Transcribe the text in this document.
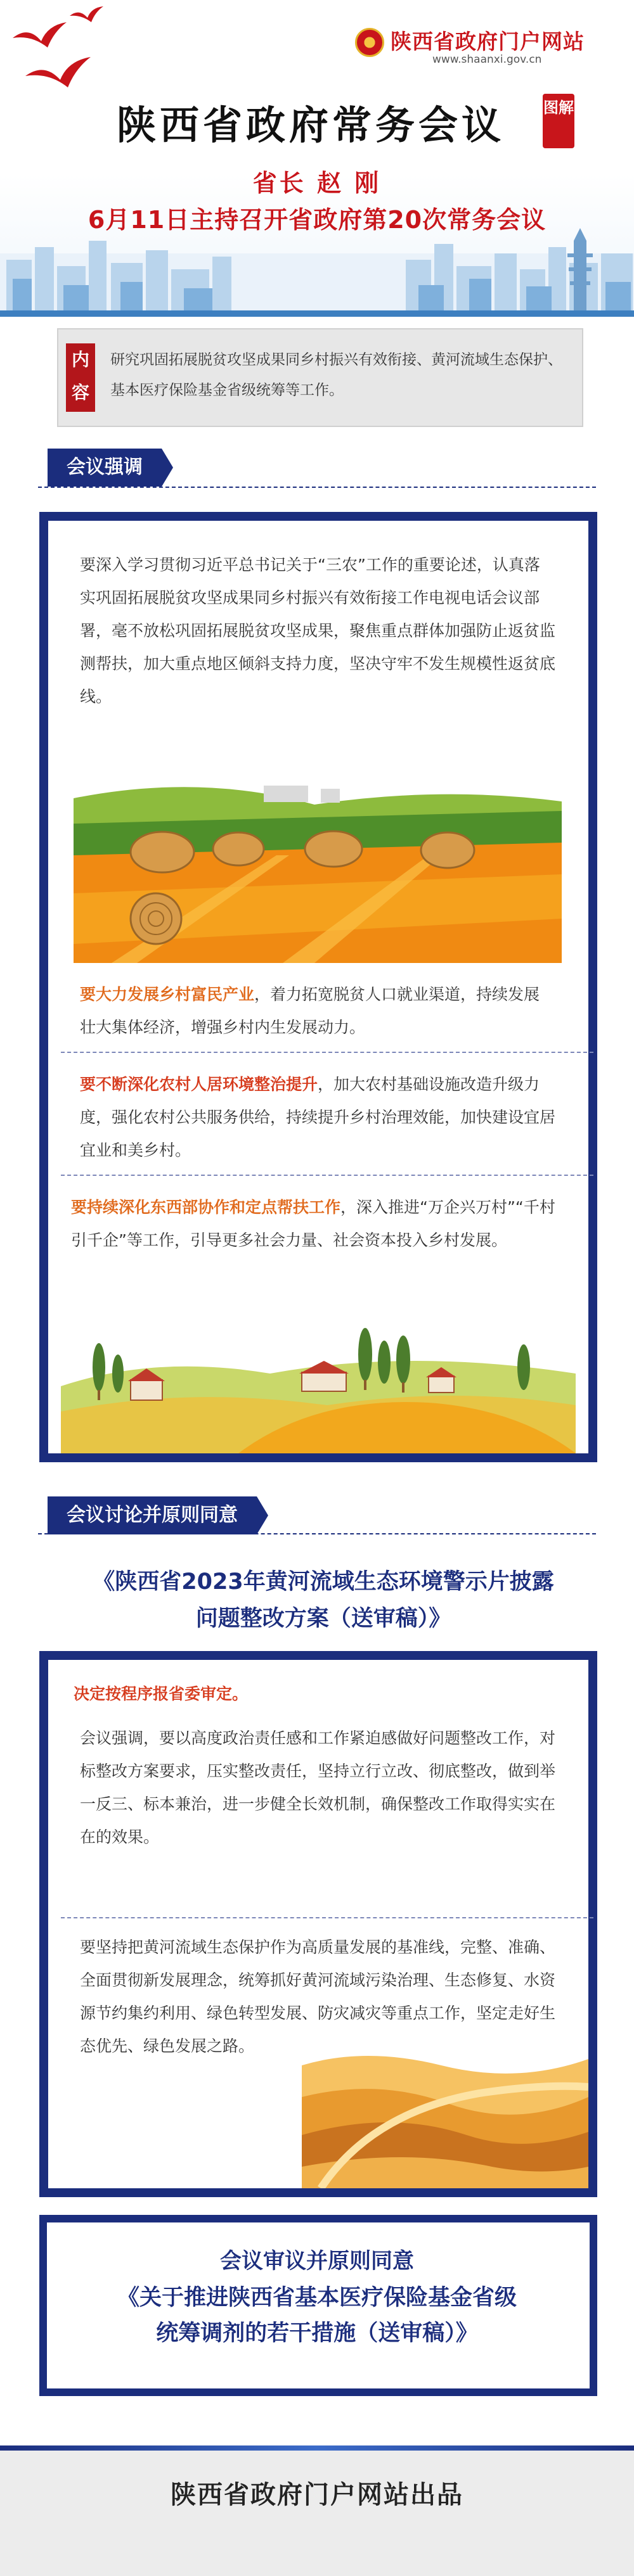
陕西省政府门户网站
www.shaanxi.gov.cn
陕西省政府常务会议	图解
省长 赵 刚
6月11日主持召开省政府第20次常务会议
内容
研究巩固拓展脱贫攻坚成果同乡村振兴有效衔接、黄河流域生态保护、基本医疗保险基金省级统筹等工作。
会议强调
要深入学习贯彻习近平总书记关于“三农”工作的重要论述，认真落实巩固拓展脱贫攻坚成果同乡村振兴有效衔接工作电视电话会议部署，毫不放松巩固拓展脱贫攻坚成果，聚焦重点群体加强防止返贫监测帮扶，加大重点地区倾斜支持力度，坚决守牢不发生规模性返贫底线。
要大力发展乡村富民产业，着力拓宽脱贫人口就业渠道，持续发展壮大集体经济，增强乡村内生发展动力。
要不断深化农村人居环境整治提升，加大农村基础设施改造升级力度，强化农村公共服务供给，持续提升乡村治理效能，加快建设宜居宜业和美乡村。
要持续深化东西部协作和定点帮扶工作，深入推进“万企兴万村”“千村引千企”等工作，引导更多社会力量、社会资本投入乡村发展。
会议讨论并原则同意
《陕西省2023年黄河流域生态环境警示片披露
问题整改方案（送审稿）》
决定按程序报省委审定。
会议强调，要以高度政治责任感和工作紧迫感做好问题整改工作，对标整改方案要求，压实整改责任，坚持立行立改、彻底整改，做到举一反三、标本兼治，进一步健全长效机制，确保整改工作取得实实在在的效果。
要坚持把黄河流域生态保护作为高质量发展的基准线，完整、准确、全面贯彻新发展理念，统筹抓好黄河流域污染治理、生态修复、水资源节约集约利用、绿色转型发展、防灾减灾等重点工作，坚定走好生态优先、绿色发展之路。
会议审议并原则同意
《关于推进陕西省基本医疗保险基金省级
统筹调剂的若干措施（送审稿）》
陕西省政府门户网站出品
